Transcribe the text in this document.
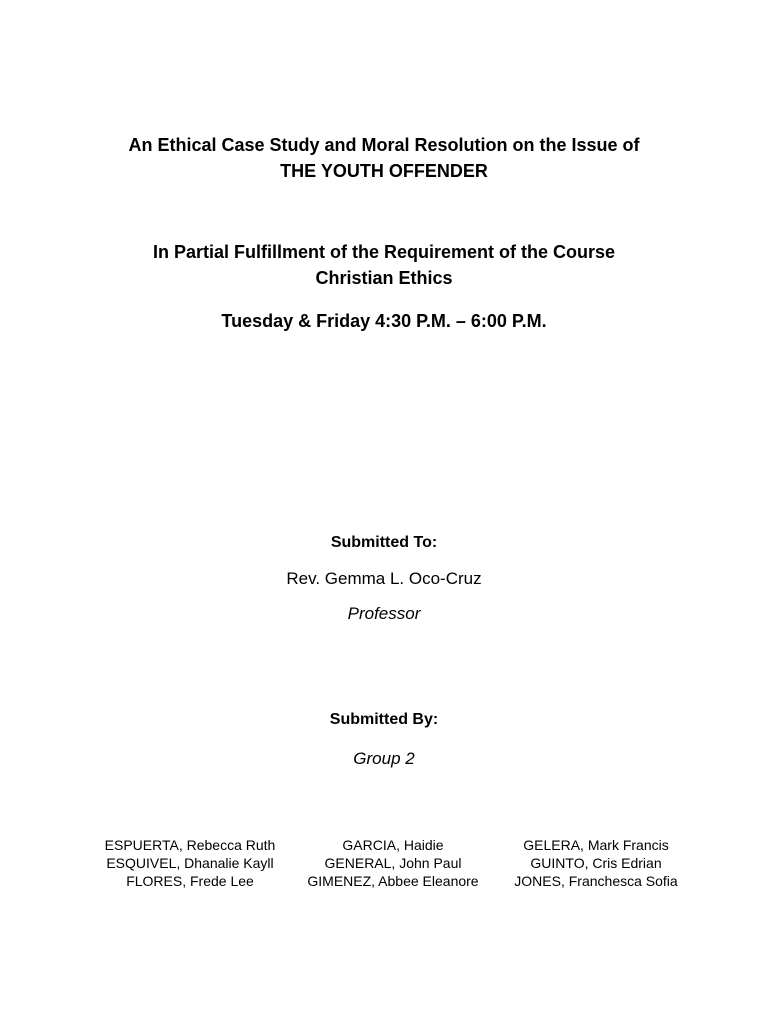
An Ethical Case Study and Moral Resolution on the Issue of
THE YOUTH OFFENDER
In Partial Fulfillment of the Requirement of the Course
Christian Ethics
Tuesday & Friday 4:30 P.M. – 6:00 P.M.
Submitted To:
Rev. Gemma L. Oco-Cruz
Professor
Submitted By:
Group 2
ESPUERTA, Rebecca Ruth
ESQUIVEL, Dhanalie Kayll
FLORES, Frede Lee
GARCIA, Haidie
GENERAL, John Paul
GIMENEZ, Abbee Eleanore
GELERA, Mark Francis
GUINTO, Cris Edrian
JONES, Franchesca Sofia
